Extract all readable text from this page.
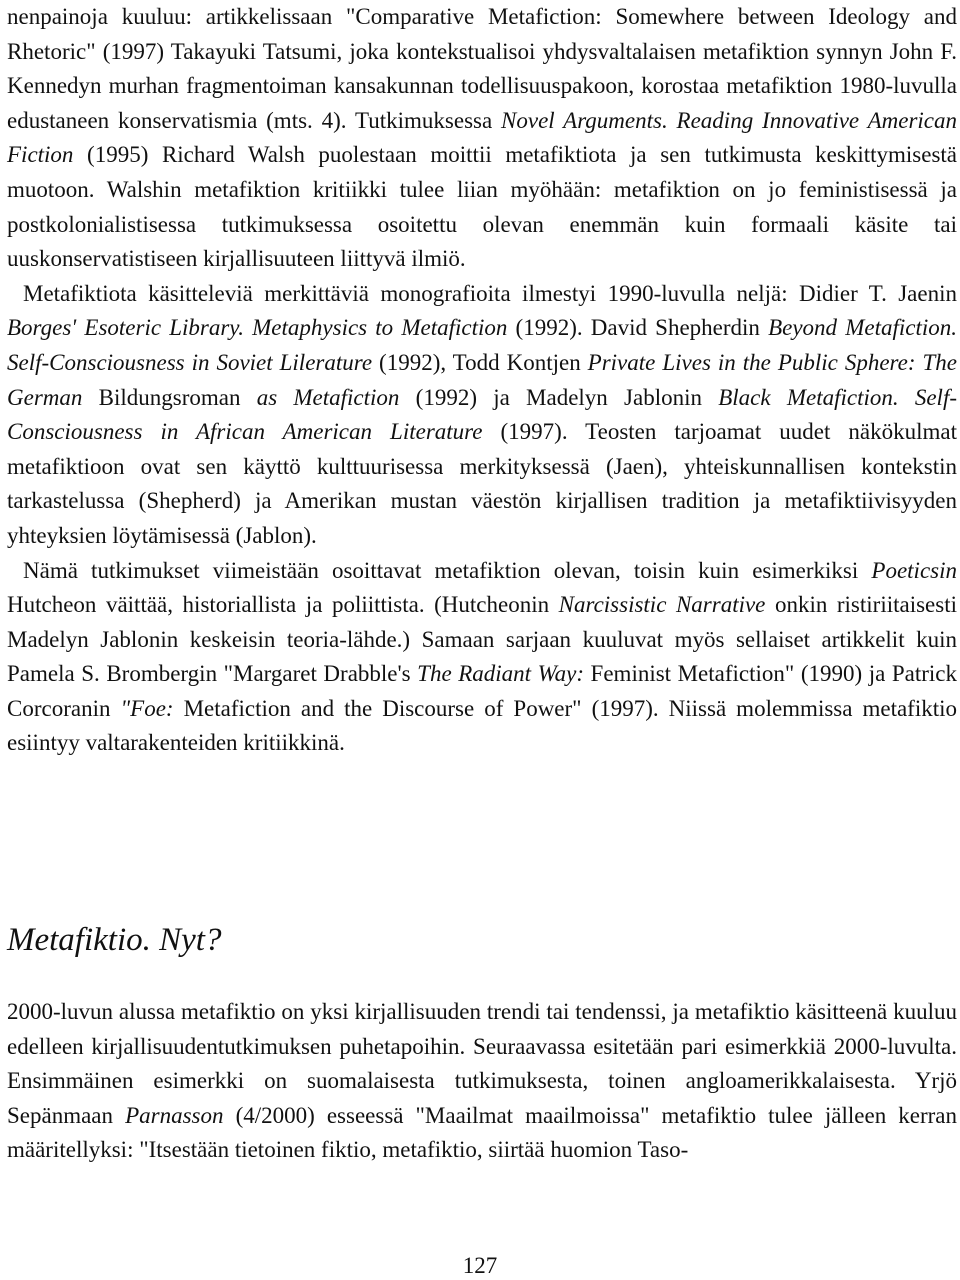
nenpainoja kuuluu: artikkelissaan "Comparative Metafiction: Somewhere between Ideology and Rhetoric" (1997) Takayuki Tatsumi, joka kontekstualisoi yhdysvaltalaisen metafiktion synnyn John F. Kennedyn murhan fragmentoiman kansakunnan todellisuuspakoon, korostaa metafiktion 1980-luvulla edustaneen konservatismia (mts. 4). Tutkimuksessa Novel Arguments. Reading Innovative American Fiction (1995) Richard Walsh puolestaan moittii metafiktiota ja sen tutkimusta keskittymisestä muotoon. Walshin metafiktion kritiikki tulee liian myöhään: metafiktion on jo feministisessä ja postkolonialistisessa tutkimuksessa osoitettu olevan enemmän kuin formaali käsite tai uuskonservatistiseen kirjallisuuteen liittyvä ilmiö.

Metafiktiota käsitteleviä merkittäviä monografioita ilmestyi 1990-luvulla neljä: Didier T. Jaenin Borges' Esoteric Library. Metaphysics to Metafiction (1992). David Shepherdin Beyond Metafiction. Self-Consciousness in Soviet Lilerature (1992), Todd Kontjen Private Lives in the Public Sphere: The German Bildungsroman as Metafiction (1992) ja Madelyn Jablonin Black Metafiction. Self-Consciousness in African American Literature (1997). Teosten tarjoamat uudet näkökulmat metafiktioon ovat sen käyttö kulttuurisessa merkityksessä (Jaen), yhteiskunnallisen kontekstin tarkastelussa (Shepherd) ja Amerikan mustan väestön kirjallisen tradition ja metafiktiivisyyden yhteyksien löytämisessä (Jablon).

Nämä tutkimukset viimeistään osoittavat metafiktion olevan, toisin kuin esimerkiksi Poeticsin Hutcheon väittää, historiallista ja poliittista. (Hutcheonin Narcissistic Narrative onkin ristiriitaisesti Madelyn Jablonin keskeisin teoria-lähde.) Samaan sarjaan kuuluvat myös sellaiset artikkelit kuin Pamela S. Brombergin "Margaret Drabble's The Radiant Way: Feminist Metafiction" (1990) ja Patrick Corcoranin "Foe: Metafiction and the Discourse of Power" (1997). Niissä molemmissa metafiktio esiintyy valtarakenteiden kritiikkinä.

Metafiktio. Nyt?

2000-luvun alussa metafiktio on yksi kirjallisuuden trendi tai tendenssi, ja metafiktio käsitteenä kuuluu edelleen kirjallisuudentutkimuksen puhetapoihin. Seuraavassa esitetään pari esimerkkiä 2000-luvulta. Ensimmäinen esimerkki on suomalaisesta tutkimuksesta, toinen angloamerikkalaisesta. Yrjö Sepänmaan Parnasson (4/2000) esseessä "Maailmat maailmoissa" metafiktio tulee jälleen kerran määritellyksi: "Itsestään tietoinen fiktio, metafiktio, siirtää huomion Taso-

127
